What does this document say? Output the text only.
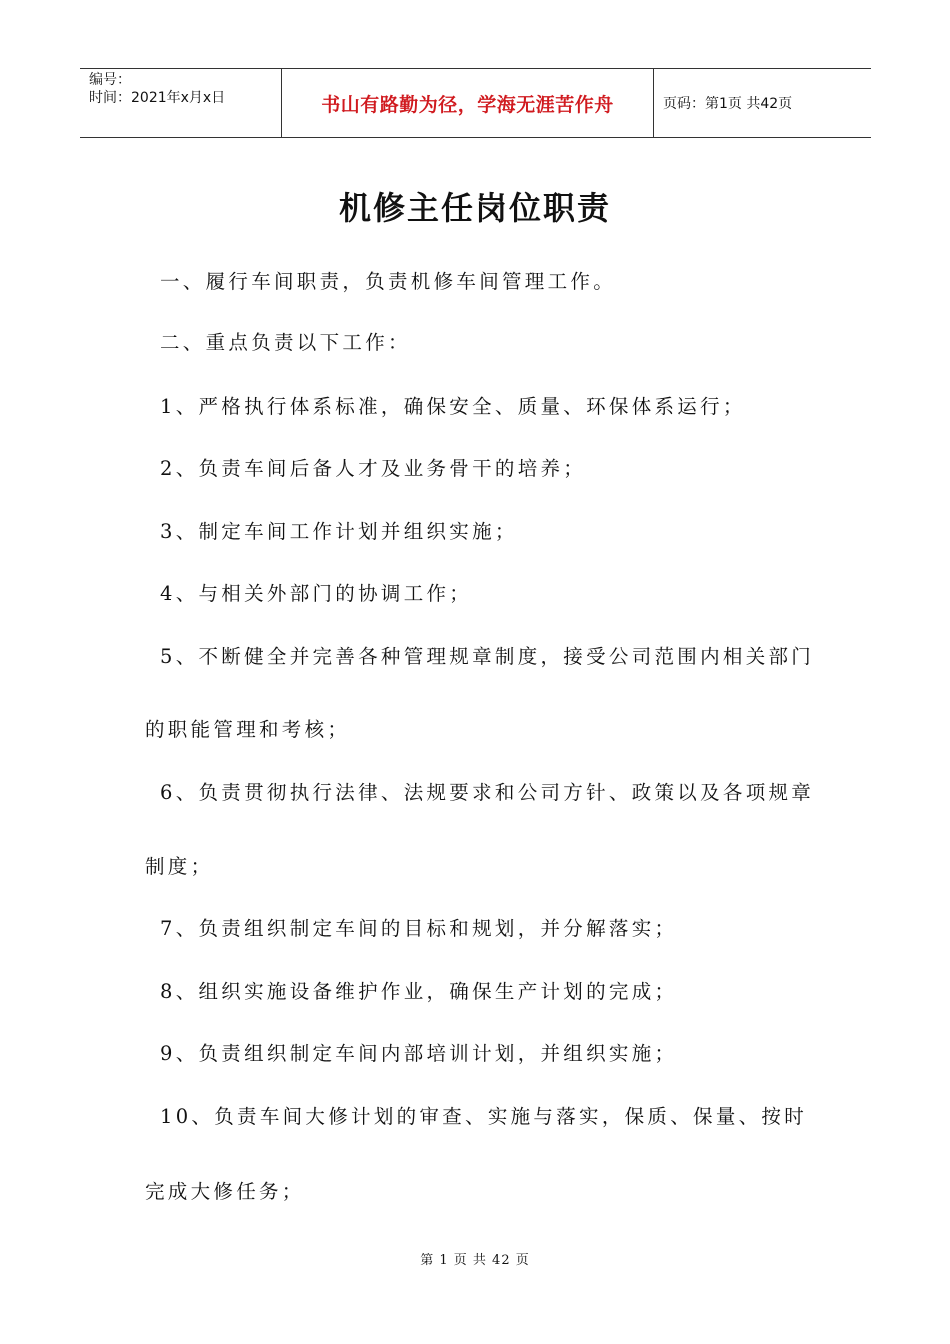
编号：
时间：2021年x月x日	书山有路勤为径，学海无涯苦作舟	页码：第1页 共42页
机修主任岗位职责
一、履行车间职责，负责机修车间管理工作。
二、重点负责以下工作：
1、严格执行体系标准，确保安全、质量、环保体系运行；
2、负责车间后备人才及业务骨干的培养；
3、制定车间工作计划并组织实施；
4、与相关外部门的协调工作；
5、不断健全并完善各种管理规章制度，接受公司范围内相关部门
的职能管理和考核；
6、负责贯彻执行法律、法规要求和公司方针、政策以及各项规章
制度；
7、负责组织制定车间的目标和规划，并分解落实；
8、组织实施设备维护作业，确保生产计划的完成；
9、负责组织制定车间内部培训计划，并组织实施；
10、负责车间大修计划的审查、实施与落实，保质、保量、按时
完成大修任务；
第 1 页 共 42 页
